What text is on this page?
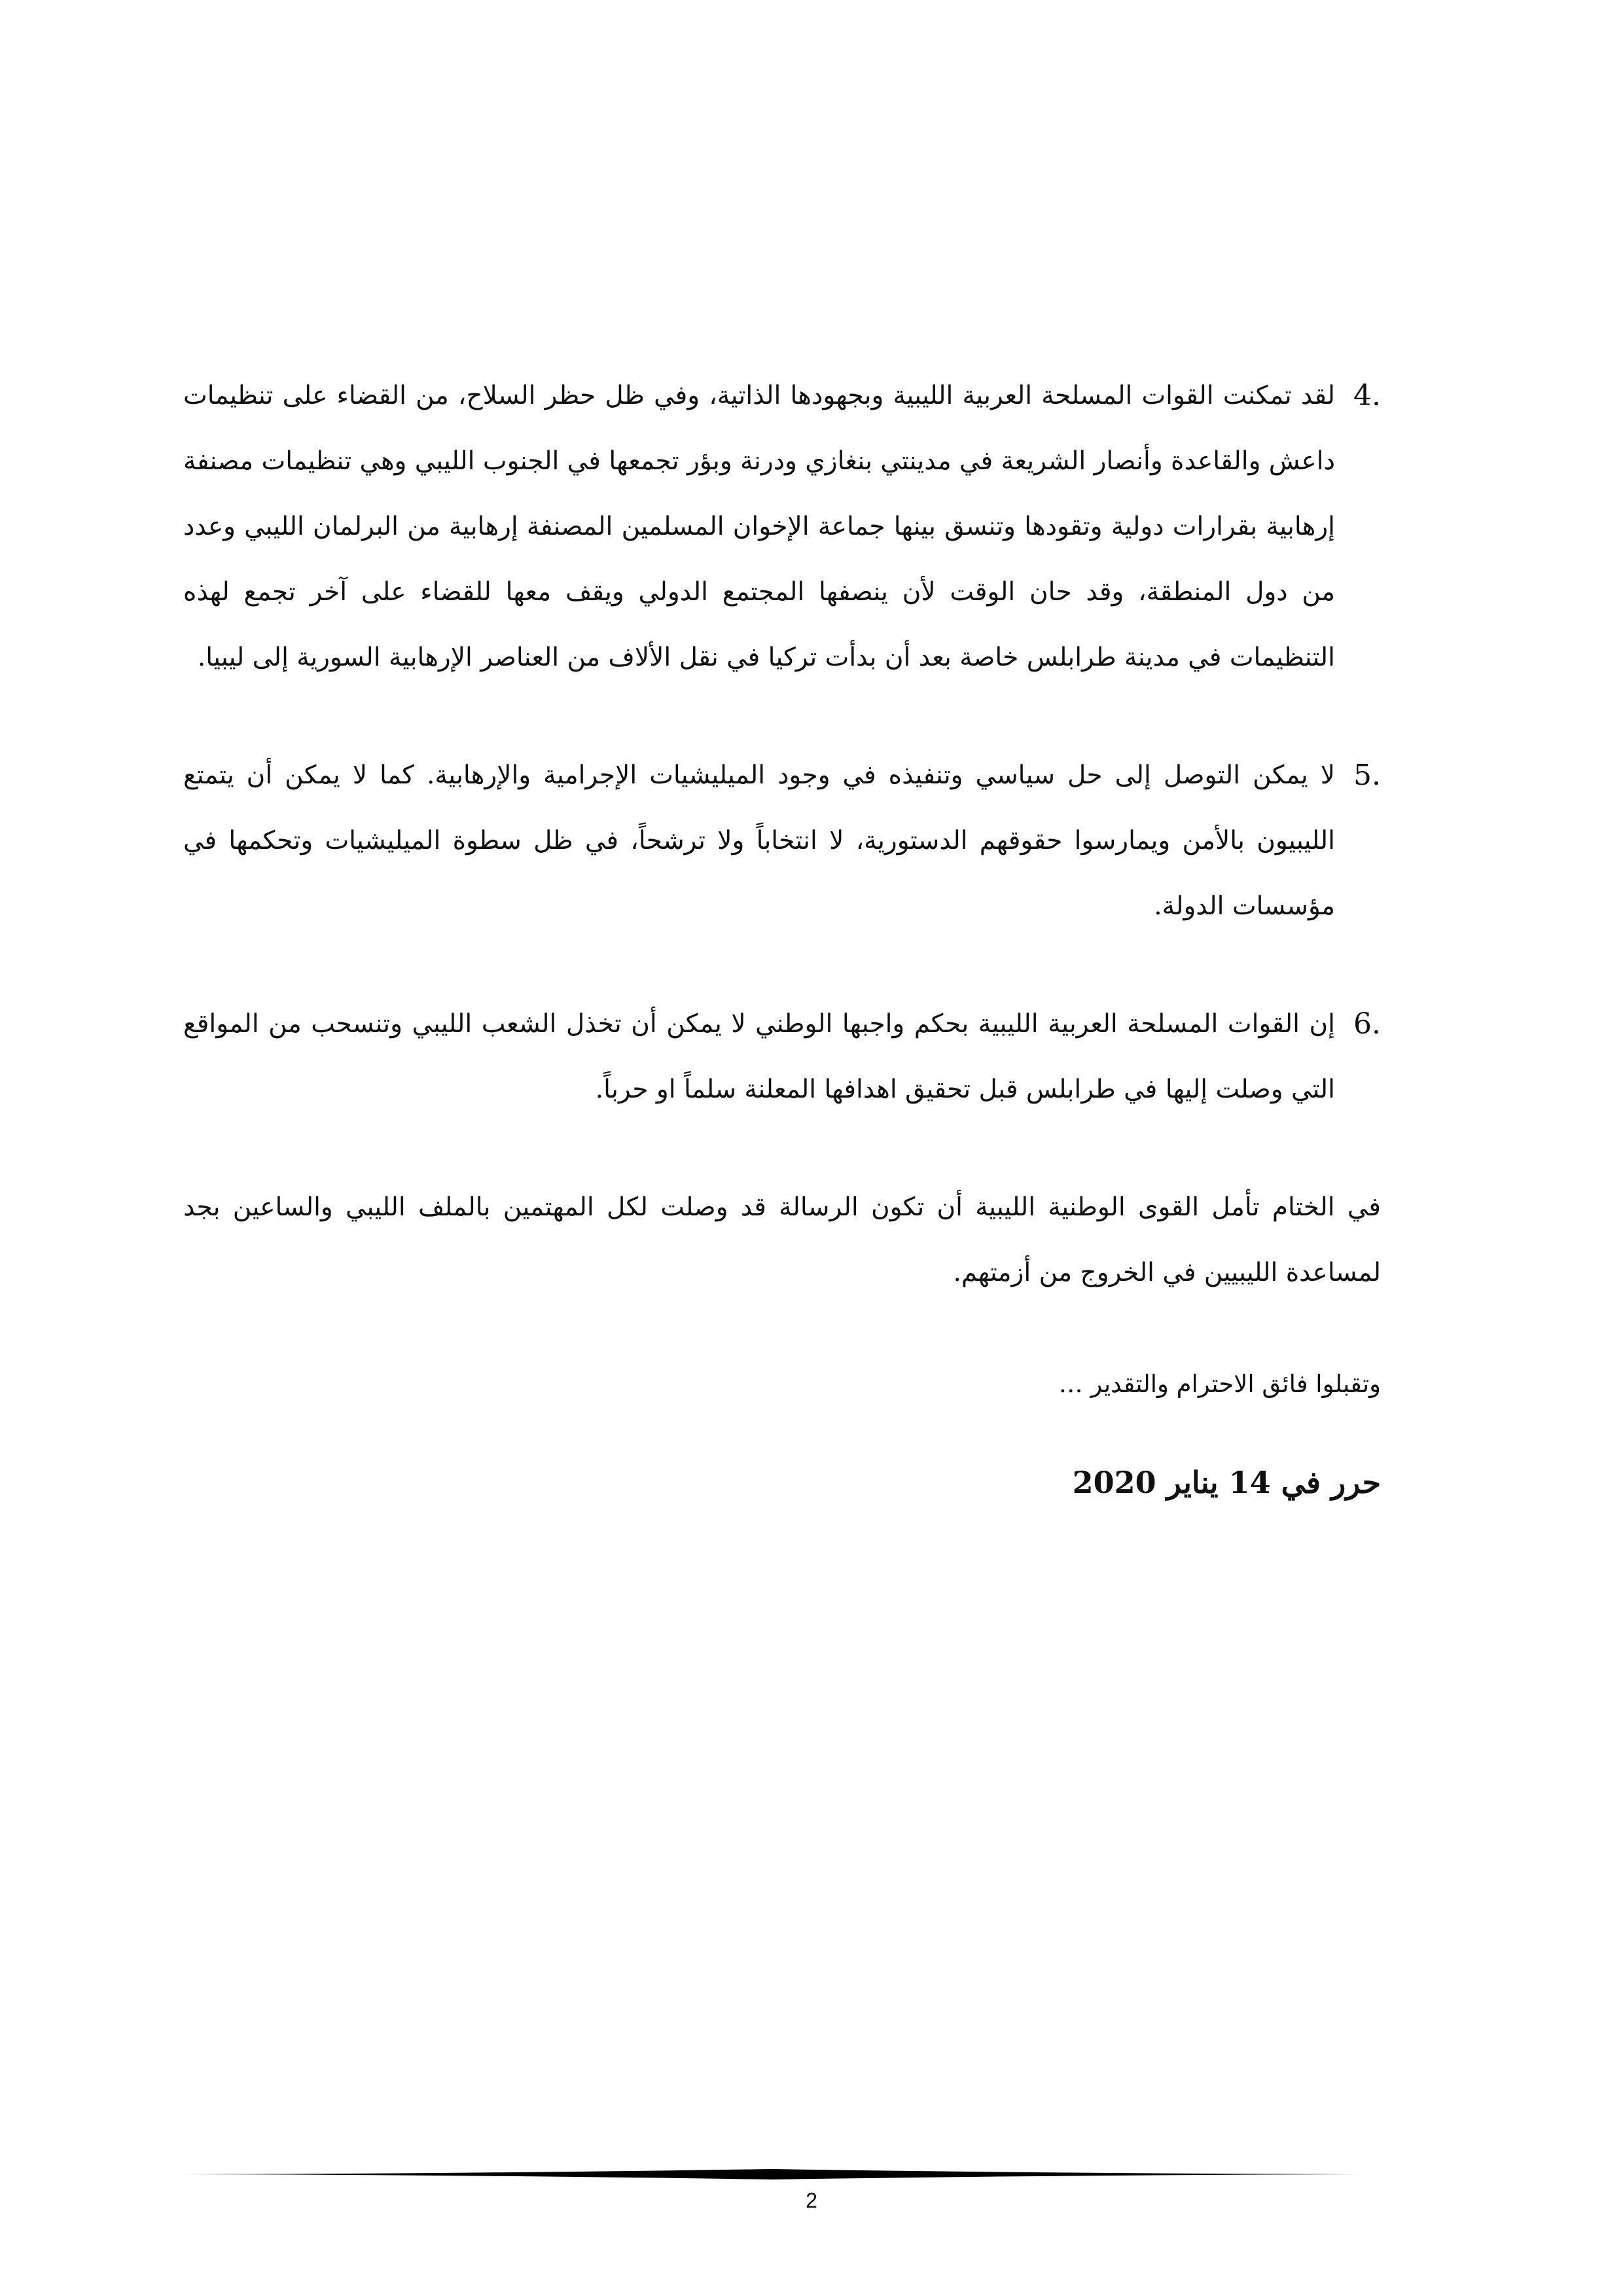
4.

لقد تمكنت القوات المسلحة العربية الليبية وبجهودها الذاتية، وفي ظل حظر السلاح، من القضاء على تنظيمات داعش والقاعدة وأنصار الشريعة في مدينتي بنغازي ودرنة وبؤر تجمعها في الجنوب الليبي وهي تنظيمات مصنفة إرهابية بقرارات دولية وتقودها وتنسق بينها جماعة الإخوان المسلمين المصنفة إرهابية من البرلمان الليبي وعدد من دول المنطقة، وقد حان الوقت لأن ينصفها المجتمع الدولي ويقف معها للقضاء على آخر تجمع لهذه التنظيمات في مدينة طرابلس خاصة بعد أن بدأت تركيا في نقل الألاف من العناصر الإرهابية السورية إلى ليبيا.

5.

لا يمكن التوصل إلى حل سياسي وتنفيذه في وجود الميليشيات الإجرامية والإرهابية. كما لا يمكن أن يتمتع الليبيون بالأمن ويمارسوا حقوقهم الدستورية، لا انتخاباً ولا ترشحاً، في ظل سطوة الميليشيات وتحكمها في مؤسسات الدولة.

6.

إن القوات المسلحة العربية الليبية بحكم واجبها الوطني لا يمكن أن تخذل الشعب الليبي وتنسحب من المواقع التي وصلت إليها في طرابلس قبل تحقيق اهدافها المعلنة سلماً او حرباً.

في الختام تأمل القوى الوطنية الليبية أن تكون الرسالة قد وصلت لكل المهتمين بالملف الليبي والساعين بجد لمساعدة الليبيين في الخروج من أزمتهم.

وتقبلوا فائق الاحترام والتقدير …

حرر في 14 يناير 2020

2
